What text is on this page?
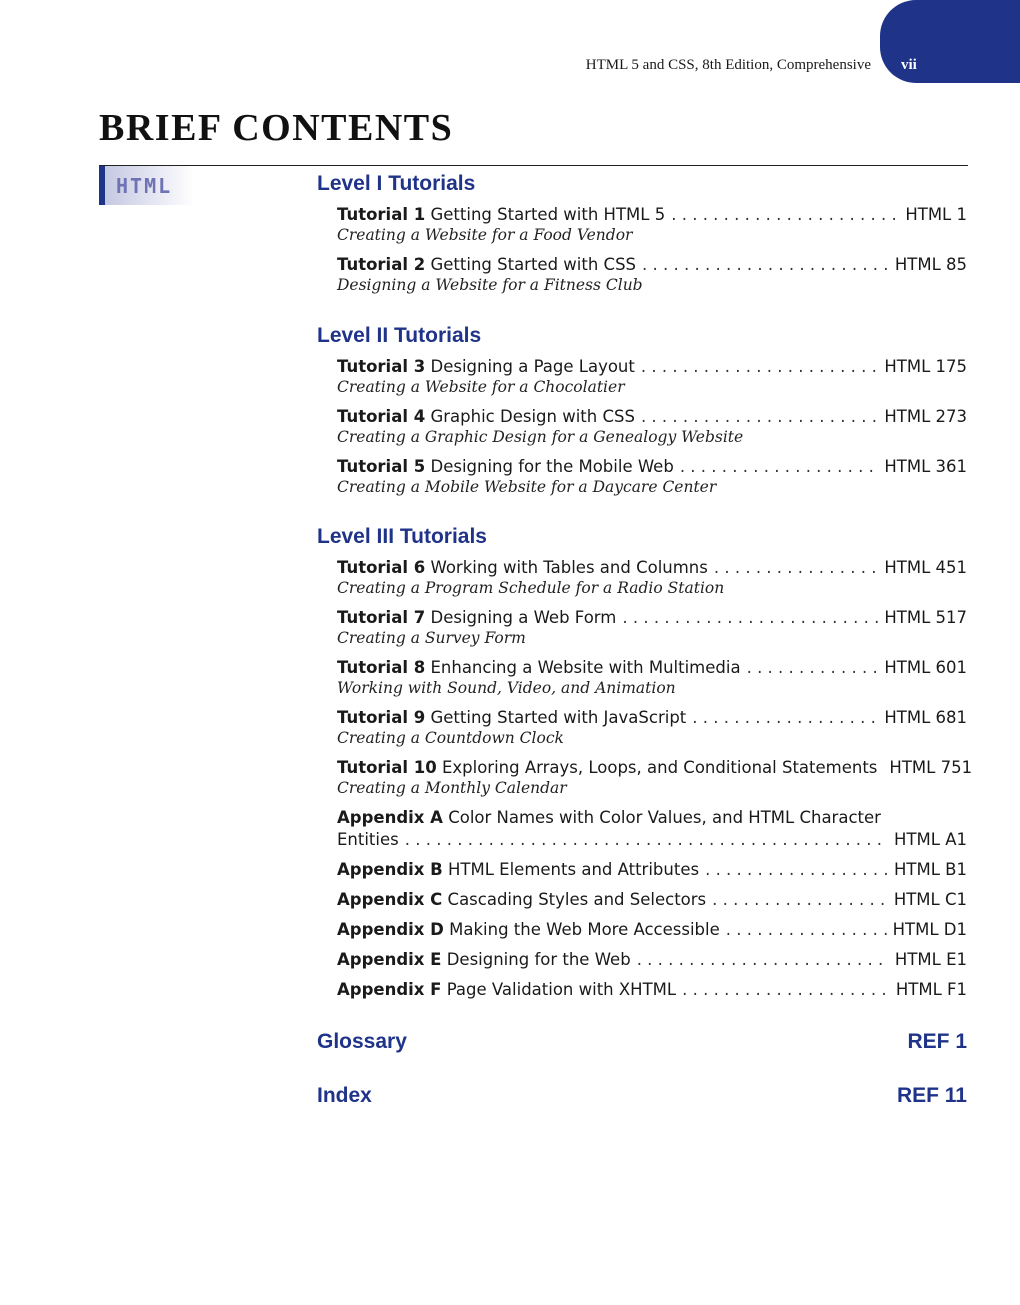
vii
HTML 5 and CSS, 8th Edition, Comprehensive
BRIEF CONTENTS
HTML	Level I Tutorials
Tutorial 1 Getting Started with HTML 5 . . .	HTML 1
Creating a Website for a Food Vendor
Tutorial 2 Getting Started with CSS . . .	HTML 85
Designing a Website for a Fitness Club
Level II Tutorials
Tutorial 3 Designing a Page Layout . . .	HTML 175
Creating a Website for a Chocolatier
Tutorial 4 Graphic Design with CSS . . .	HTML 273
Creating a Graphic Design for a Genealogy Website
Tutorial 5 Designing for the Mobile Web . . .	HTML 361
Creating a Mobile Website for a Daycare Center
Level III Tutorials
Tutorial 6 Working with Tables and Columns . . .	HTML 451
Creating a Program Schedule for a Radio Station
Tutorial 7 Designing a Web Form . . .	HTML 517
Creating a Survey Form
Tutorial 8 Enhancing a Website with Multimedia . . .	HTML 601
Working with Sound, Video, and Animation
Tutorial 9 Getting Started with JavaScript . . .	HTML 681
Creating a Countdown Clock
Tutorial 10 Exploring Arrays, Loops, and Conditional Statements HTML 751
Creating a Monthly Calendar
Appendix A Color Names with Color Values, and HTML Character
Entities . . .	HTML A1
Appendix B HTML Elements and Attributes . . .	HTML B1
Appendix C Cascading Styles and Selectors . . .	HTML C1
Appendix D Making the Web More Accessible . . .	HTML D1
Appendix E Designing for the Web . . .	HTML E1
Appendix F Page Validation with XHTML . . .	HTML F1
Glossary	REF 1
Index	REF 11
